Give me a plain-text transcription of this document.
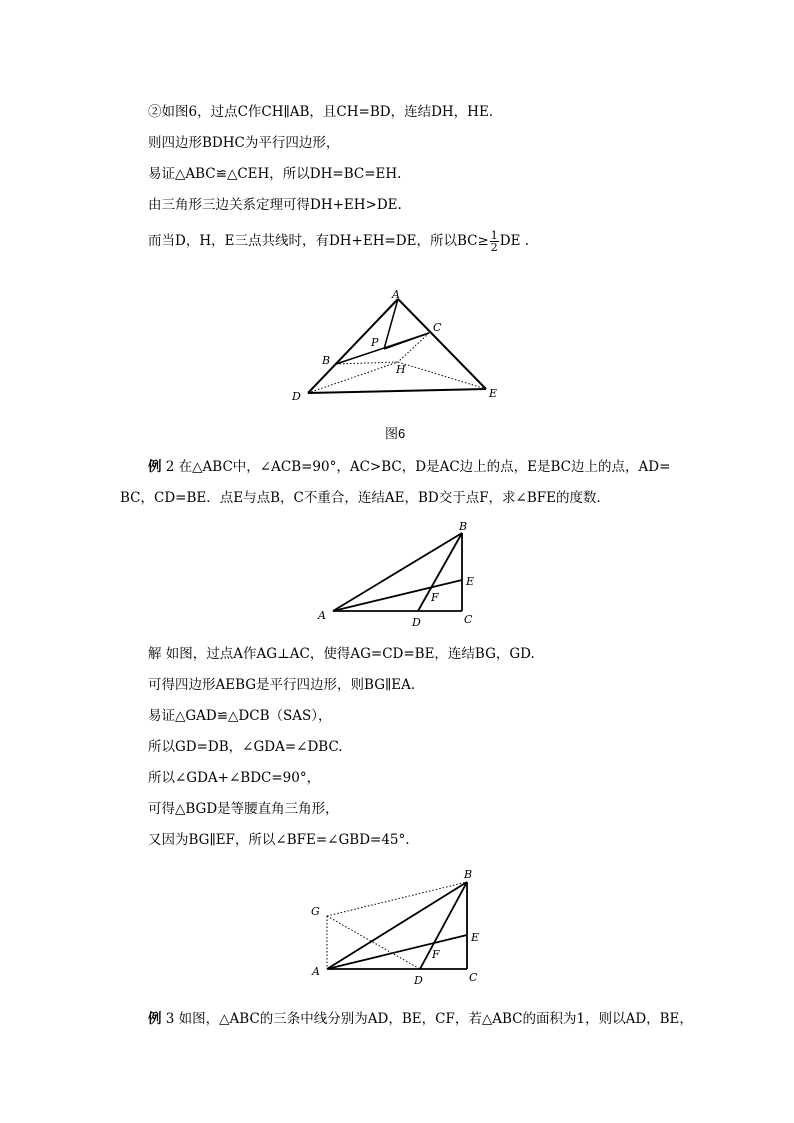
②如图6，过点C作CH∥AB，且CH=BD，连结DH，HE.
则四边形BDHC为平行四边形，
易证△ABC≌△CEH，所以DH=BC=EH.
由三角形三边关系定理可得DH+EH>DE.
而当D，H，E三点共线时，有DH+EH=DE，所以$BC\ge \frac{1}{2}$ DE .
A
B
C
D	E
P
H
图6
例 2 在△ABC中，∠ACB=90°，AC>BC，D是AC边上的点，E是BC边上的点，AD=
BC，CD=BE．点E与点B，C不重合，连结AE，BD交于点F，求∠BFE的度数．
A
B
C
D
E
F
解 如图，过点A作AG⊥AC，使得AG=CD=BE，连结BG，GD.
可得四边形AEBG是平行四边形，则BG∥EA.
易证△GAD≌△DCB（SAS），
所以GD=DB，∠GDA=∠DBC.
所以∠GDA+∠BDC=90°，
可得△BGD是等腰直角三角形，
又因为BG∥EF，所以∠BFE=∠GBD=45°.
G
A
B
C
D
E
F
例 3 如图，△ABC的三条中线分别为AD，BE，CF，若△ABC的面积为1，则以AD，BE，
